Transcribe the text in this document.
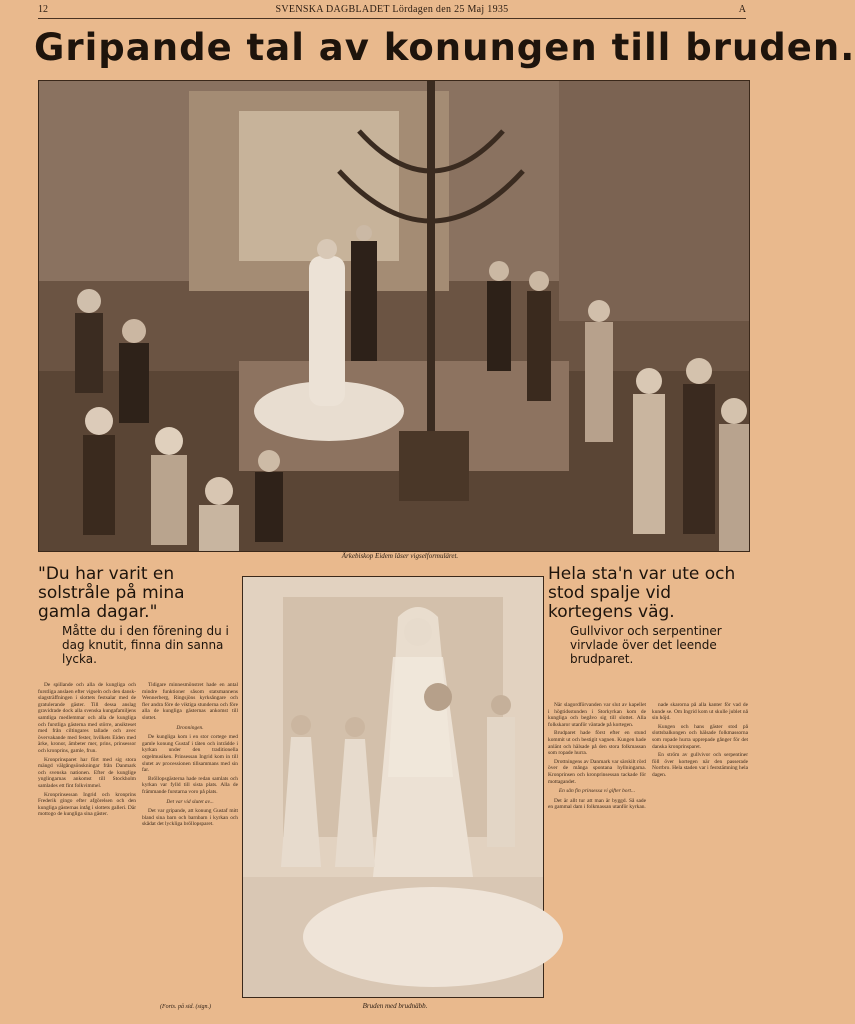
12	SVENSKA DAGBLADET Lördagen den 25 Maj 1935	A
Gripande tal av konungen till bruden.
Ärkebiskop Eidem läser vigselformuläret.
"Du har varit en solstråle på mina gamla dagar."
Måtte du i den förening du i dag knutit, finna din sanna lycka.
Hela sta'n var ute och stod spalje vid kortegens väg.
Gullvivor och serpentiner virvlade över det leende brudparet.
Bruden med brudnäbb.

De spillande och alla de kungliga och furstliga anslaen efter vigseln och den dansk-slagsträffningen i slottets festsalar med de gratulerande gäster. Till dessa anslag gravidrade dock alla svenska kungafamiljens samtliga medlemmar och alla de kungliga och furstliga gästerna med större, ansikteset med från ciltingares tallade och avec övervakande med fester, hvilkets Eiden med ärke, kronor, ämbeter mer, prins, prinsessor och kronprins, gamle, frun.

Kronprinsparet har fört med sig stora mängd välgångsönskningar från Danmark och svenska nationen. Efter de kunglige ynglingarnas ankomst till Stockholm samlades ett fint folkvimmel.

Kronprinsessan Ingrid och kronprins Frederik gingo efter afgörelsen och den kungliga gästernas intåg i slottets galleri. Där mottogo de kungliga sina gäster.

Tidigare minnesmönstret hade en antal mindre funktioner såsom statsmannens Wennerberg, Ringsjöns kyrksångare och fler andra före de viktiga stunderna och före alla de kungliga gästernas ankomst till slottet.

Dronningen.

De kungliga kom i en stor cortege med gamle konung Gustaf i täten och inträdde i kyrkan under den traditionella orgelmusiken. Prinsessan Ingrid kom in till slutet av processionen tillsammans med sin far.

Bröllopsgästerna hade redan samlats och kyrkan var fylld till sista plats. Alla de främmande furstarna voro på plats.

Det var vid slutet av...

Det var gripande, att konung Gustaf mitt bland sina barn och barnbarn i kyrkan och skådat det lyckliga bröllopsparet.

(Forts. på sid. (sign.)

När slagordförvanden var slut av kapellet i högtidsstunden i Storkyrkan kom de kungliga och begåvo sig till slottet. Alla folkskaror utanför väntade på kortegen.

Brudparet hade först efter en stund kommit ut och bestigit vagnen. Kungen hade anlänt och hälsade på den stora folkmassan som ropade hurra.

Drottningens av Danmark var särskilt rörd över de många spontana hyllningarna. Kronprinsen och kronprinsessan tackade för mottagandet.

En sån fin prinsessa vi gifter bort...

Det är allt tur att man är byggd. Så sade en gammal dam i folkmassan utanför kyrkan.

nade skarorna på alla kanter för vad de kunde se. Om Ingrid kom ut skulle jublet nå sin höjd.

Kungen och hans gäster stod på slottsbalkongen och hälsade folkmassorna som ropade hurra upprepade gånger för det danska kronprinsparet.

En ström av gullvivor och serpentiner föll över kortegen när den passerade Norrbro. Hela staden var i feststämning hela dagen.
